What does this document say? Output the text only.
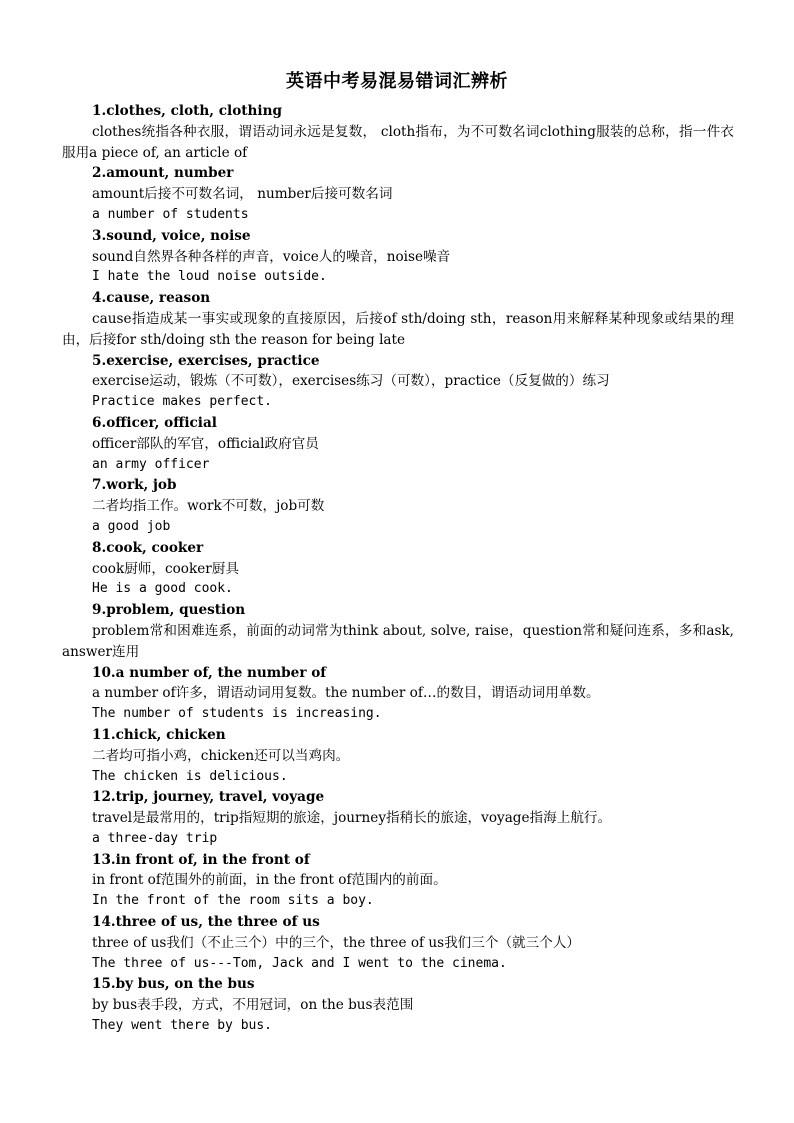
英语中考易混易错词汇辨析
1.clothes, cloth, clothing
clothes统指各种衣服，谓语动词永远是复数， cloth指布，为不可数名词clothing服装的总称，指一件衣服用a piece of, an article of
2.amount, number
amount后接不可数名词， number后接可数名词
a number of students
3.sound, voice, noise
sound自然界各种各样的声音，voice人的噪音，noise噪音
I hate the loud noise outside.
4.cause, reason
cause指造成某一事实或现象的直接原因，后接of sth/doing sth，reason用来解释某种现象或结果的理由，后接for sth/doing sth the reason for being late
5.exercise, exercises, practice
exercise运动，锻炼（不可数），exercises练习（可数），practice（反复做的）练习
Practice makes perfect.
6.officer, official
officer部队的军官，official政府官员
an army officer
7.work, job
二者均指工作。work不可数，job可数
a good job
8.cook, cooker
cook厨师，cooker厨具
He is a good cook.
9.problem, question
problem常和困难连系，前面的动词常为think about, solve, raise，question常和疑问连系，多和ask, answer连用
10.a number of, the number of
a number of许多，谓语动词用复数。the number of…的数目，谓语动词用单数。
The number of students is increasing.
11.chick, chicken
二者均可指小鸡，chicken还可以当鸡肉。
The chicken is delicious.
12.trip, journey, travel, voyage
travel是最常用的，trip指短期的旅途，journey指稍长的旅途，voyage指海上航行。
a three-day trip
13.in front of, in the front of
in front of范围外的前面，in the front of范围内的前面。
In the front of the room sits a boy.
14.three of us, the three of us
three of us我们（不止三个）中的三个，the three of us我们三个（就三个人）
The three of us---Tom, Jack and I went to the cinema.
15.by bus, on the bus
by bus表手段，方式，不用冠词，on the bus表范围
They went there by bus.
